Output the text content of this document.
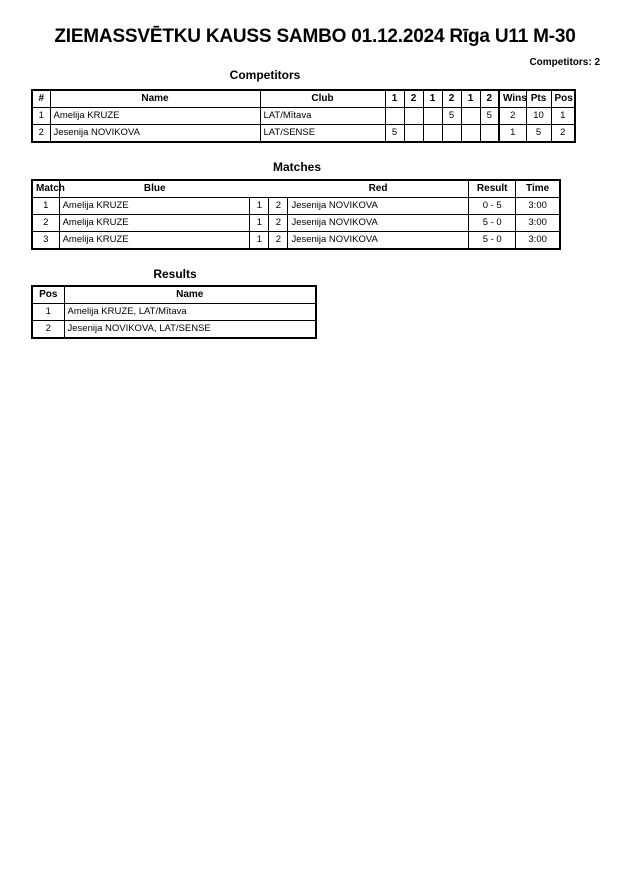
ZIEMASSVĒTKU KAUSS SAMBO 01.12.2024 Rīga U11 M-30
Competitors: 2
Competitors
#	Name	Club	1	2	1	2	1	2	Wins	Pts	Pos
1	Amelija KRUZE	LAT/Mītava				5		5	2	10	1
2	Jesenija NOVIKOVA	LAT/SENSE	5						1	5	2
Matches
Match	Blue			Red	Result	Time
1	Amelija KRUZE	1	2	Jesenija NOVIKOVA	0 - 5	3:00
2	Amelija KRUZE	1	2	Jesenija NOVIKOVA	5 - 0	3:00
3	Amelija KRUZE	1	2	Jesenija NOVIKOVA	5 - 0	3:00
Results
Pos	Name
1	Amelija KRUZE, LAT/Mītava
2	Jesenija NOVIKOVA, LAT/SENSE
